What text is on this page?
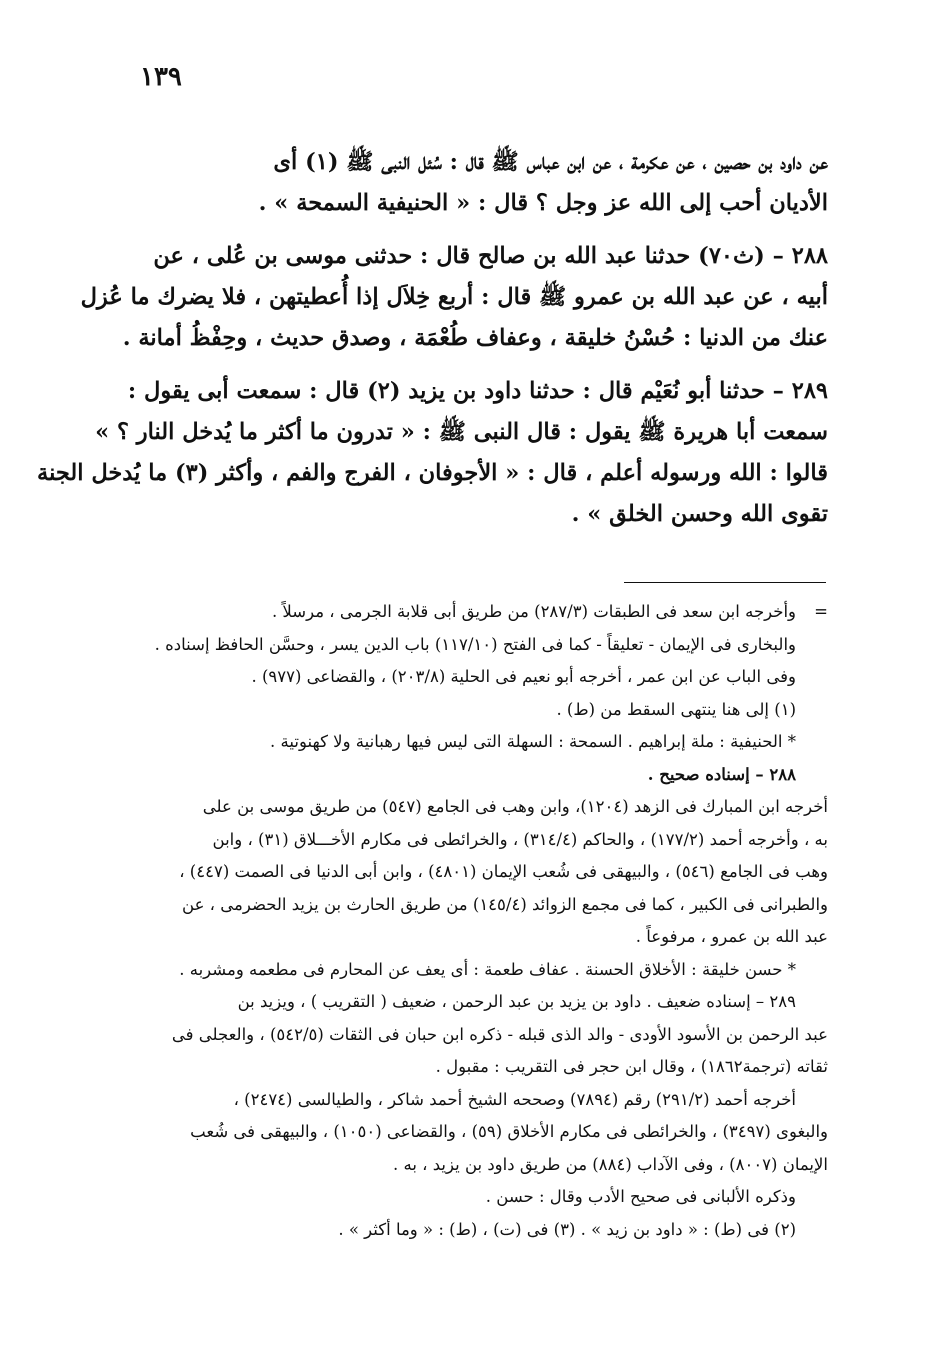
١٣٩

عن داود بن حصين ، عن عكرمة ، عن ابن عباس ﷺ قال : سُئل النبى ﷺ (١) أى
الأديان أحب إلى الله عز وجل ؟ قال : « الحنيفية السمحة » .

٢٨٨ – (ث٧٠) حدثنا عبد الله بن صالح قال : حدثنى موسى بن عُلى ، عن
أبيه ، عن عبد الله بن عمرو ﷺ قال : أربع خِلاَل إذا أُعطيتهن ، فلا يضرك ما عُزل
عنك من الدنيا : حُسْنُ خليقة ، وعفاف طُعْمَة ، وصدق حديث ، وحِفْظُ أمانة .

٢٨٩ – حدثنا أبو نُعَيْم قال : حدثنا داود بن يزيد (٢) قال : سمعت أبى يقول :
سمعت أبا هريرة ﷺ يقول : قال النبى ﷺ : « تدرون ما أكثر ما يُدخل النار ؟ »
قالوا : الله ورسوله أعلم ، قال : « الأجوفان ، الفرج والفم ، وأكثر (٣) ما يُدخل الجنة
تقوى الله وحسن الخلق » .

=وأخرجه ابن سعد فى الطبقات (٢٨٧/٣) من طريق أبى قلابة الجرمى ، مرسلاً .
والبخارى فى الإيمان - تعليقاً - كما فى الفتح (١١٧/١٠) باب الدين يسر ، وحسَّن الحافظ إسناده .
وفى الباب عن ابن عمر ، أخرجه أبو نعيم فى الحلية (٢٠٣/٨) ، والقضاعى (٩٧٧) .
(١) إلى هنا ينتهى السقط من (ط) .
* الحنيفية : ملة إبراهيم . السمحة : السهلة التى ليس فيها رهبانية ولا كهنوتية .
٢٨٨ – إسناده صحيح .
أخرجه ابن المبارك فى الزهد (١٢٠٤)، وابن وهب فى الجامع (٥٤٧) من طريق موسى بن على
به ، وأخرجه أحمد (١٧٧/٢) ، والحاكم (٣١٤/٤) ، والخرائطى فى مكارم الأخـــلاق (٣١) ، وابن
وهب فى الجامع (٥٤٦) ، والبيهقى فى شُعب الإيمان (٤٨٠١) ، وابن أبى الدنيا فى الصمت (٤٤٧) ،
والطبرانى فى الكبير ، كما فى مجمع الزوائد (١٤٥/٤) من طريق الحارث بن يزيد الحضرمى ، عن
عبد الله بن عمرو ، مرفوعاً .
* حسن خليقة : الأخلاق الحسنة . عفاف طعمة : أى يعف عن المحارم فى مطعمه ومشربه .
٢٨٩ – إسناده ضعيف . داود بن يزيد بن عبد الرحمن ، ضعيف ( التقريب ) ، ويزيد بن
عبد الرحمن بن الأسود الأودى - والد الذى قبله - ذكره ابن حبان فى الثقات (٥٤٢/٥) ، والعجلى فى
ثقاته (ترجمة١٨٦٢) ، وقال ابن حجر فى التقريب : مقبول .
أخرجه أحمد (٢٩١/٢) رقم (٧٨٩٤) وصححه الشيخ أحمد شاكر ، والطيالسى (٢٤٧٤) ،
والبغوى (٣٤٩٧) ، والخرائطى فى مكارم الأخلاق (٥٩) ، والقضاعى (١٠٥٠) ، والبيهقى فى شُعب
الإيمان (٨٠٠٧) ، وفى الآداب (٨٨٤) من طريق داود بن يزيد ، به .
وذكره الألبانى فى صحيح الأدب وقال : حسن .
(٢) فى (ط) : « داود بن زيد » . (٣) فى (ت) ، (ط) : « وما أكثر » .
